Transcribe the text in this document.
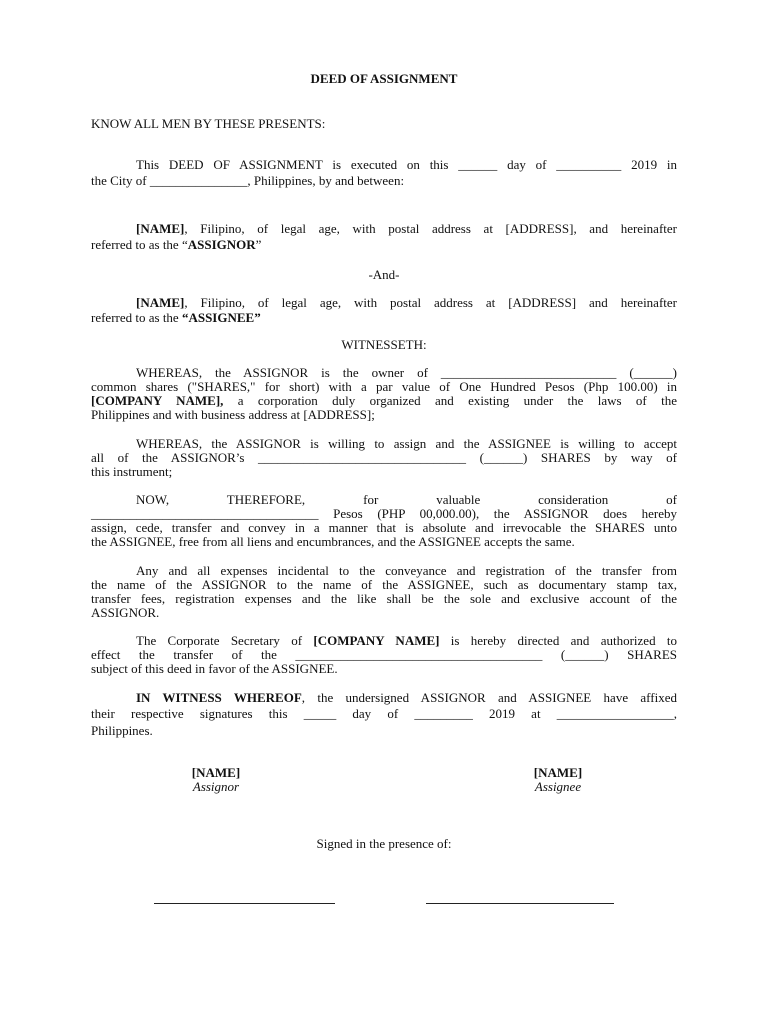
DEED OF ASSIGNMENT
KNOW ALL MEN BY THESE PRESENTS:
This DEED OF ASSIGNMENT is executed on this ______ day of __________ 2019 in
the City of _______________, Philippines, by and between:
[NAME], Filipino, of legal age, with postal address at [ADDRESS], and hereinafter
referred to as the “ASSIGNOR”
-And-
[NAME], Filipino, of legal age, with postal address at [ADDRESS] and hereinafter
referred to as the “ASSIGNEE”
WITNESSETH:
WHEREAS, the ASSIGNOR is the owner of ___________________________ (______)
common shares ("SHARES," for short) with a par value of One Hundred Pesos (Php 100.00) in
[COMPANY NAME], a corporation duly organized and existing under the laws of the
Philippines and with business address at [ADDRESS];
WHEREAS, the ASSIGNOR is willing to assign and the ASSIGNEE is willing to accept
all of the ASSIGNOR’s ________________________________ (______) SHARES by way of
this instrument;
NOW, THEREFORE, for valuable consideration of
___________________________________ Pesos (PHP 00,000.00), the ASSIGNOR does hereby
assign, cede, transfer and convey in a manner that is absolute and irrevocable the SHARES unto
the ASSIGNEE, free from all liens and encumbrances, and the ASSIGNEE accepts the same.
Any and all expenses incidental to the conveyance and registration of the transfer from
the name of the ASSIGNOR to the name of the ASSIGNEE, such as documentary stamp tax,
transfer fees, registration expenses and the like shall be the sole and exclusive account of the
ASSIGNOR.
The Corporate Secretary of [COMPANY NAME] is hereby directed and authorized to
effect the transfer of the ______________________________________ (______) SHARES
subject of this deed in favor of the ASSIGNEE.
IN WITNESS WHEREOF, the undersigned ASSIGNOR and ASSIGNEE have affixed
their respective signatures this _____ day of _________ 2019 at __________________,
Philippines.
[NAME]
Assignor
[NAME]
Assignee
Signed in the presence of:
